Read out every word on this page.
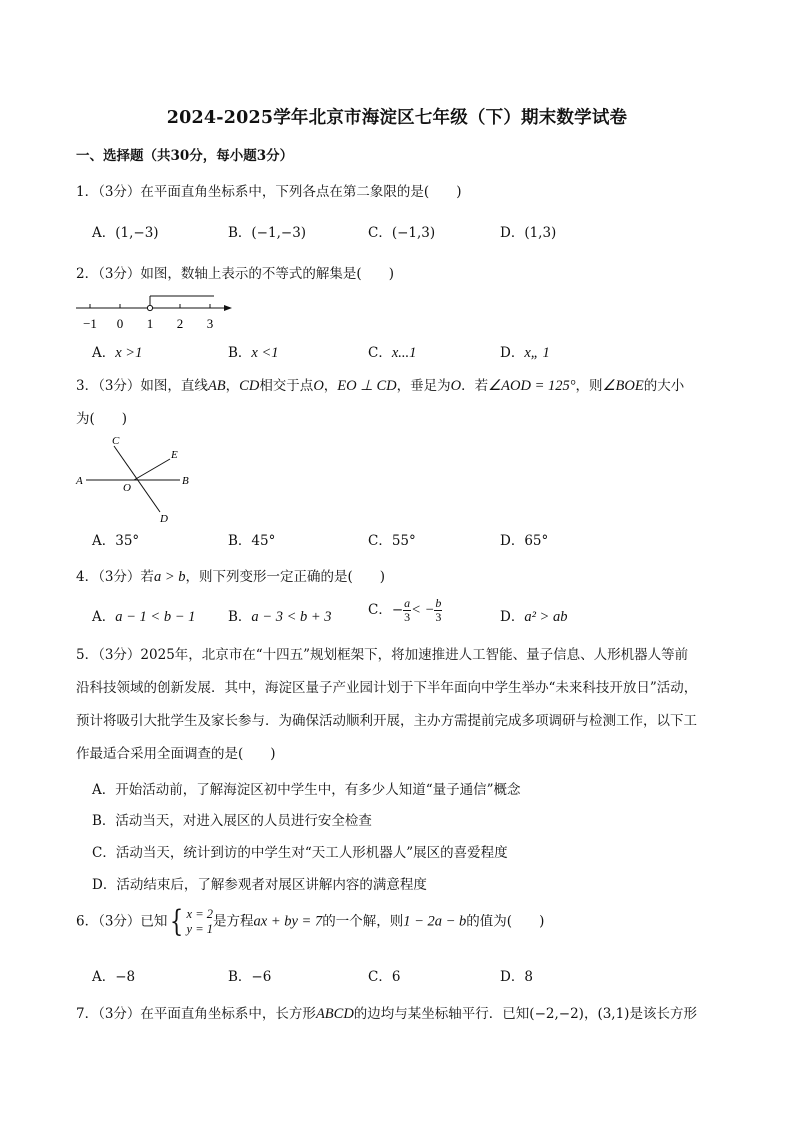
2024-2025学年北京市海淀区七年级（下）期末数学试卷
一、选择题（共30分，每小题3分）
1．（3分）在平面直角坐标系中，下列各点在第二象限的是(　　)
A．(1,−3)	B．(−1,−3)	C．(−1,3)	D．(1,3)
2．（3分）如图，数轴上表示的不等式的解集是(　　)
−1 0 1 2 3
A．x >1	B．x <1	C．x...1	D．x„ 1
3．（3分）如图，直线AB，CD相交于点O，EO ⊥ CD，垂足为O．若∠AOD = 125°，则∠BOE的大小
为(　　)
C
E
A
O
B
D
A．35°	B．45°	C．55°	D．65°
4．（3分）若a > b，则下列变形一定正确的是(　　)
A．a − 1 < b − 1 B．a − 3 < b + 3	C．− $\frac{a}{3}$ < − $\frac{b}{3}$	D．a² > ab
5．（3分）2025年，北京市在“十四五”规划框架下，将加速推进人工智能、量子信息、人形机器人等前
沿科技领域的创新发展．其中，海淀区量子产业园计划于下半年面向中学生举办“未来科技开放日”活动，
预计将吸引大批学生及家长参与．为确保活动顺利开展，主办方需提前完成多项调研与检测工作，以下工
作最适合采用全面调查的是(　　)
A．开始活动前，了解海淀区初中学生中，有多少人知道“量子通信”概念
B．活动当天，对进入展区的人员进行安全检查
C．活动当天，统计到访的中学生对“天工人形机器人”展区的喜爱程度
D．活动结束后，了解参观者对展区讲解内容的满意程度
6．（3分）已知{ x = 2
y = 1 是方程ax + by = 7的一个解，则1 − 2a − b的值为(　　)
A．−8	B．−6	C．6	D．8
7．（3分）在平面直角坐标系中，长方形ABCD的边均与某坐标轴平行．已知(−2,−2)，(3,1)是该长方形
